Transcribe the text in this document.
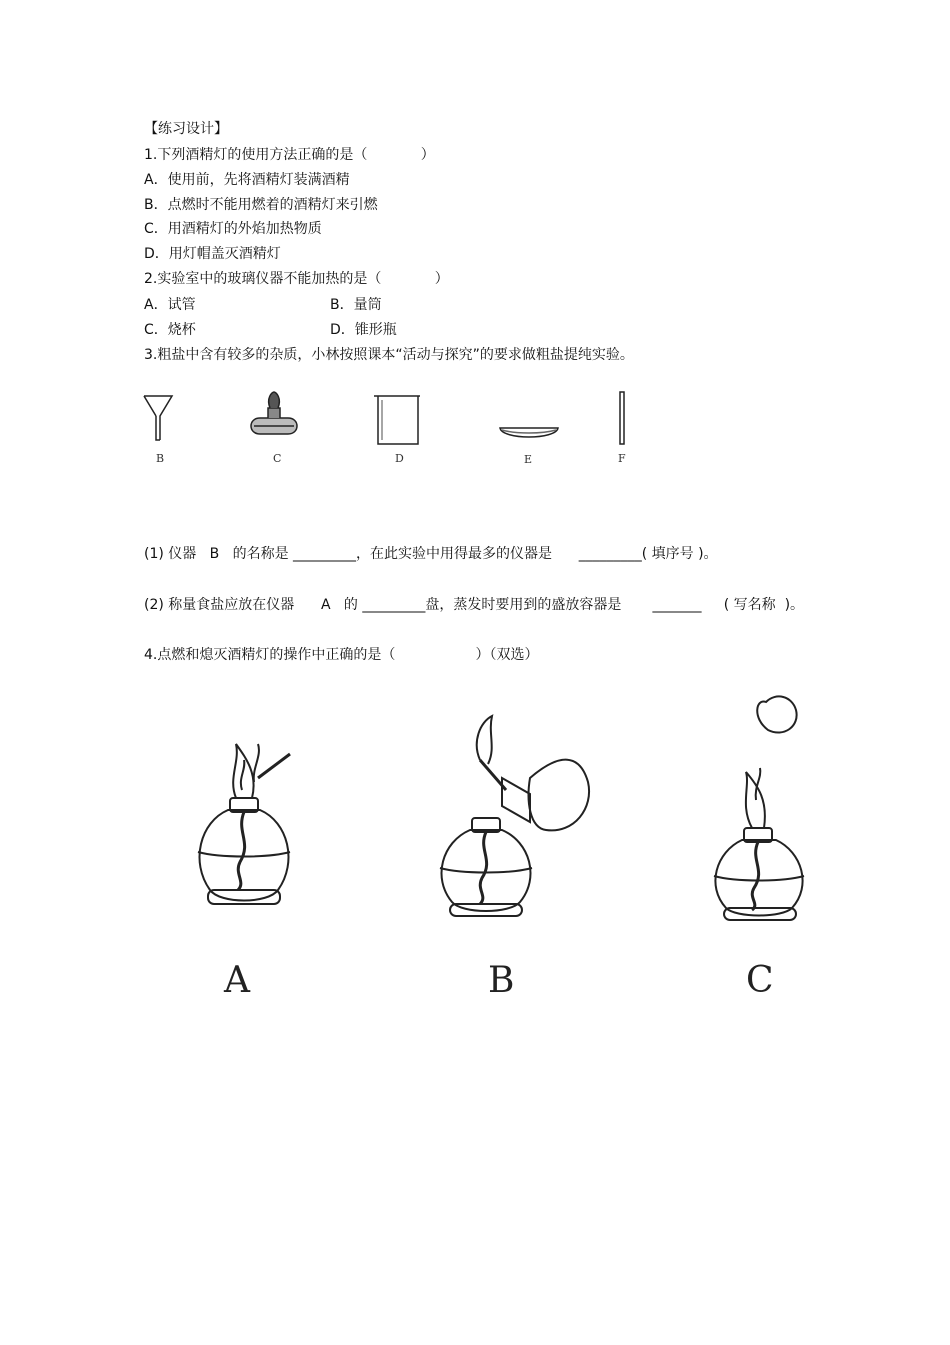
【练习设计】
1.下列酒精灯的使用方法正确的是（            ）
A．使用前，先将酒精灯装满酒精
B．点燃时不能用燃着的酒精灯来引燃
C．用酒精灯的外焰加热物质
D．用灯帽盖灭酒精灯
2.实验室中的玻璃仪器不能加热的是（            ）
A．试管	B．量筒
C．烧杯	D．锥形瓶
3.粗盐中含有较多的杂质，小林按照课本“活动与探究”的要求做粗盐提纯实验。
B	C	D	E	F
(1) 仪器   B   的名称是 _________，在此实验中用得最多的仪器是      _________( 填序号 )。
(2) 称量食盐应放在仪器      A   的 _________盘，蒸发时要用到的盛放容器是       _______     ( 写名称  )。
4.点燃和熄灭酒精灯的操作中正确的是（                  ）（双选）
A	B	C
